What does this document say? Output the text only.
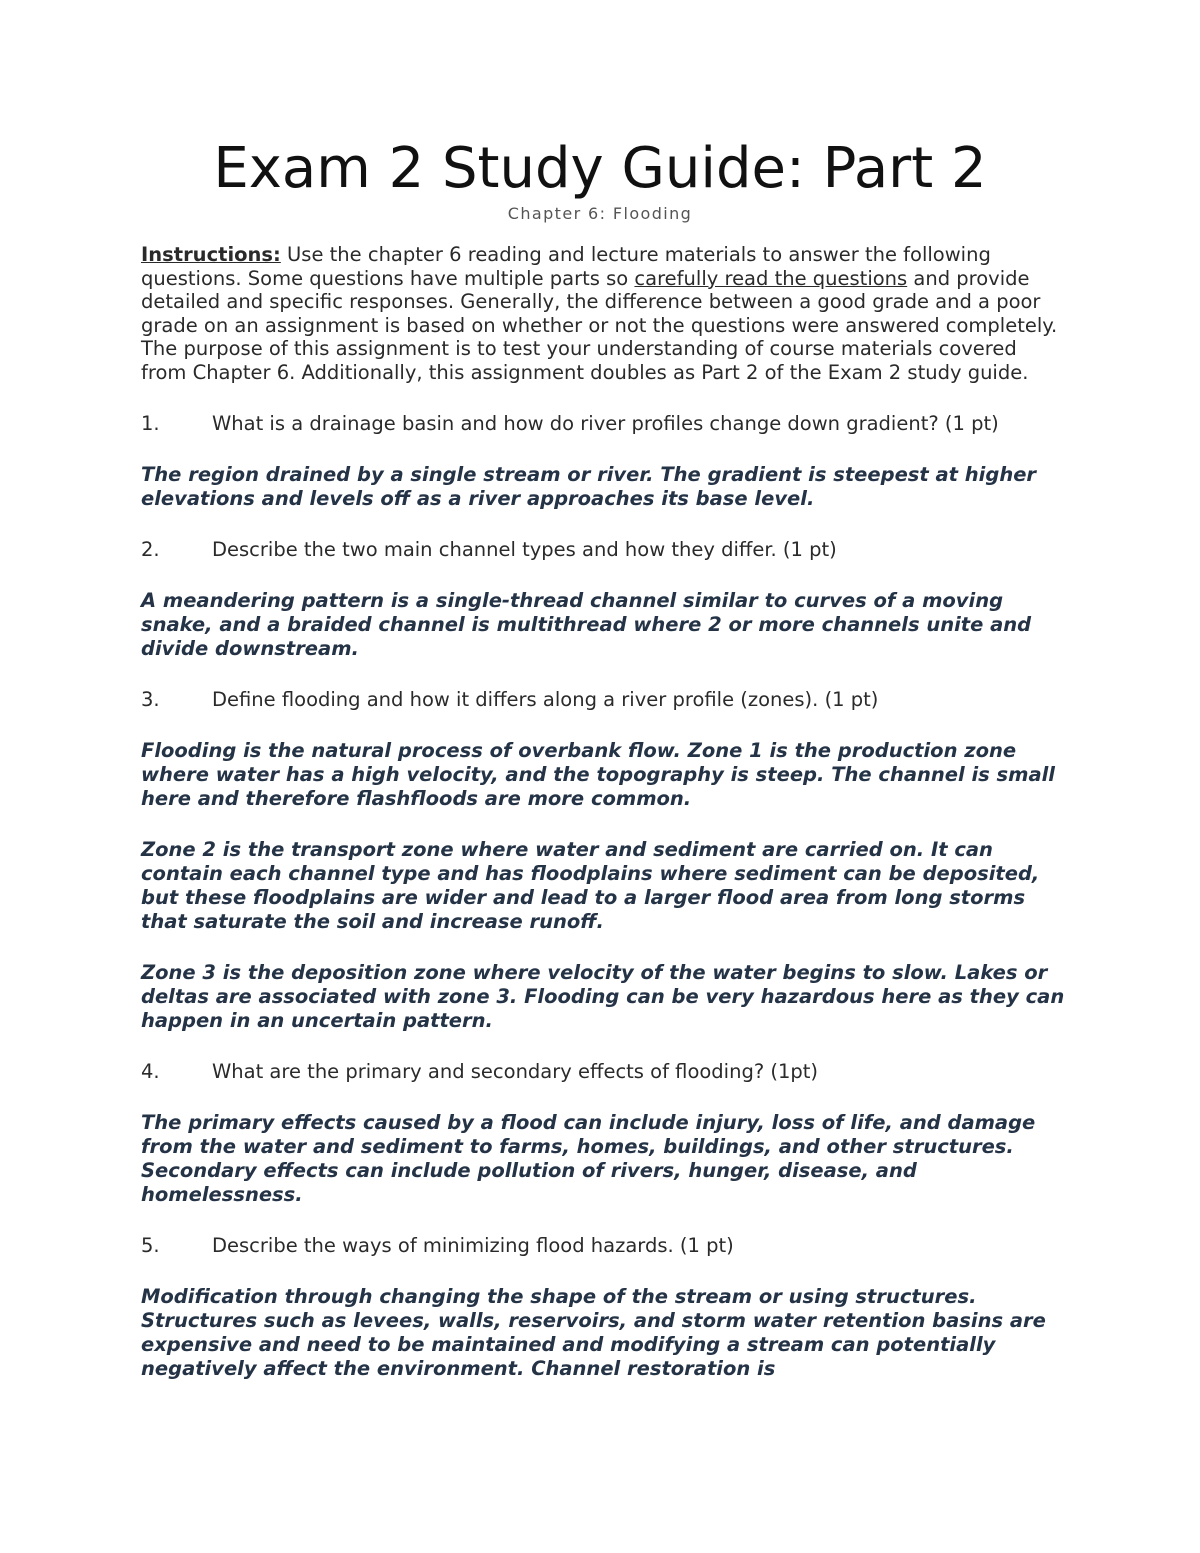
Exam 2 Study Guide: Part 2
Chapter 6: Flooding

Instructions: Use the chapter 6 reading and lecture materials to answer the following questions. Some questions have multiple parts so carefully read the questions and provide detailed and specific responses. Generally, the difference between a good grade and a poor grade on an assignment is based on whether or not the questions were answered completely. The purpose of this assignment is to test your understanding of course materials covered from Chapter 6. Additionally, this assignment doubles as Part 2 of the Exam 2 study guide.

1.	What is a drainage basin and how do river profiles change down gradient? (1 pt)

The region drained by a single stream or river. The gradient is steepest at higher elevations and levels off as a river approaches its base level.

2.	Describe the two main channel types and how they differ. (1 pt)

A meandering pattern is a single-thread channel similar to curves of a moving snake, and a braided channel is multithread where 2 or more channels unite and divide downstream.

3.	Define flooding and how it differs along a river profile (zones). (1 pt)

Flooding is the natural process of overbank flow. Zone 1 is the production zone where water has a high velocity, and the topography is steep. The channel is small here and therefore flashfloods are more common.

Zone 2 is the transport zone where water and sediment are carried on. It can contain each channel type and has floodplains where sediment can be deposited, but these floodplains are wider and lead to a larger flood area from long storms that saturate the soil and increase runoff.

Zone 3 is the deposition zone where velocity of the water begins to slow. Lakes or deltas are associated with zone 3. Flooding can be very hazardous here as they can happen in an uncertain pattern.

4.	What are the primary and secondary effects of flooding? (1pt)

The primary effects caused by a flood can include injury, loss of life, and damage from the water and sediment to farms, homes, buildings, and other structures. Secondary effects can include pollution of rivers, hunger, disease, and homelessness.

5.	Describe the ways of minimizing flood hazards. (1 pt)

Modification through changing the shape of the stream or using structures. Structures such as levees, walls, reservoirs, and storm water retention basins are expensive and need to be maintained and modifying a stream can potentially negatively affect the environment. Channel restoration is
